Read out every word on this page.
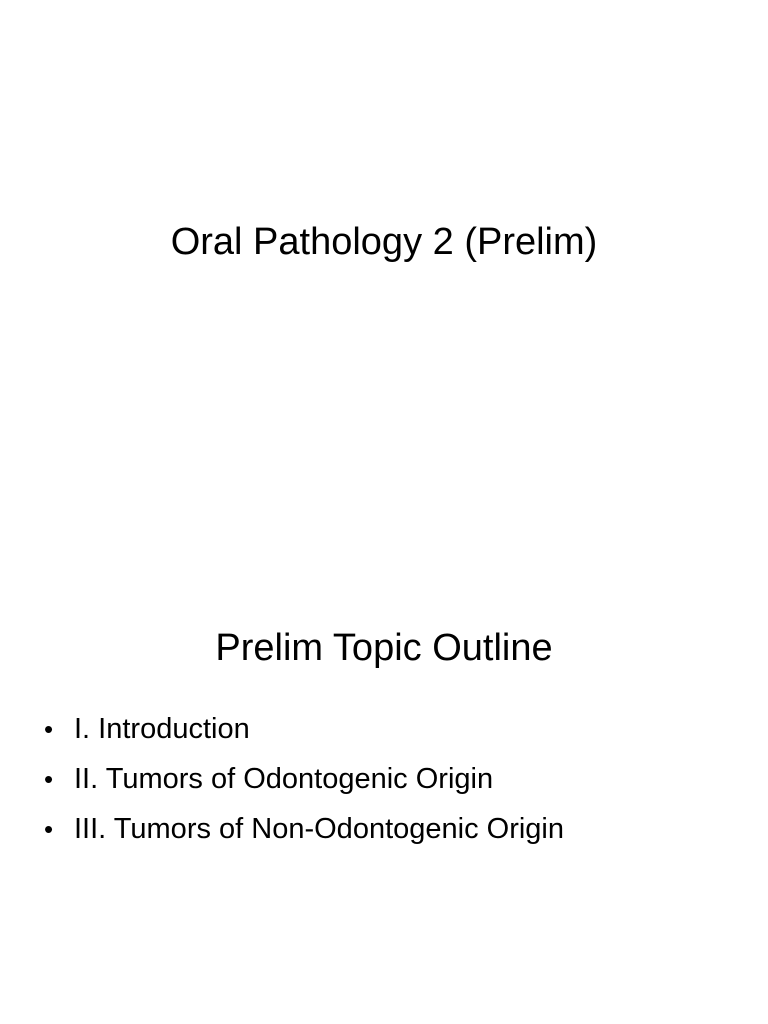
Oral Pathology 2 (Prelim)
Prelim Topic Outline
• I. Introduction
• II. Tumors of Odontogenic Origin
• III. Tumors of Non-Odontogenic Origin
